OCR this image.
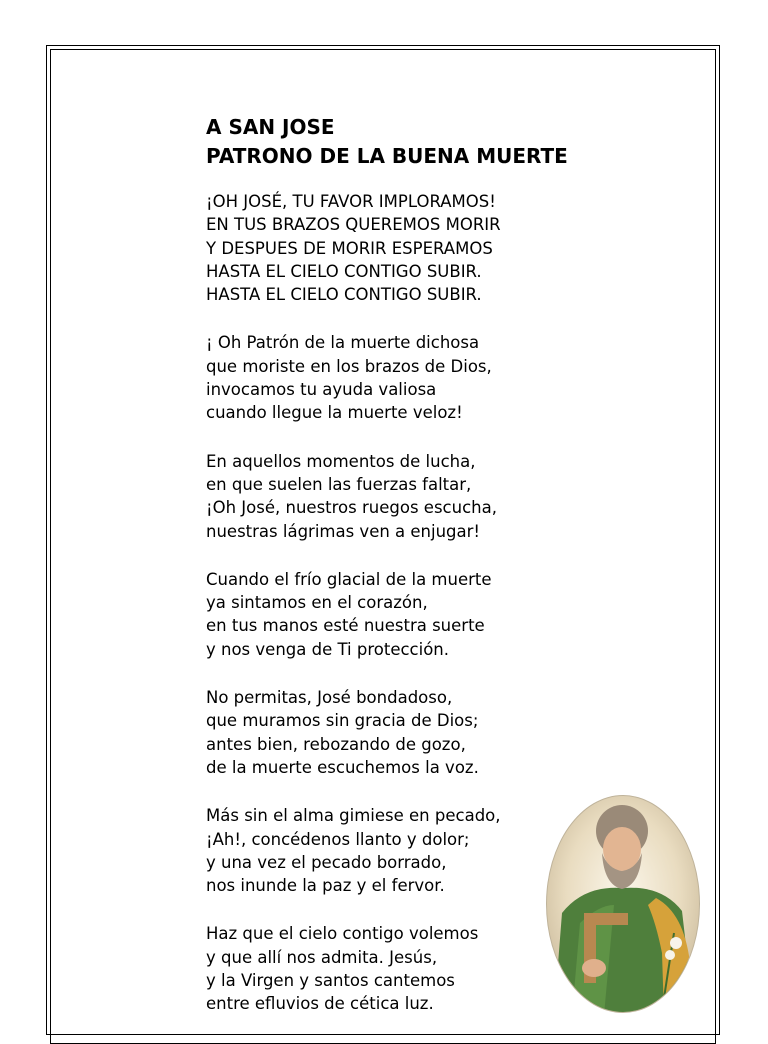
A SAN JOSE
PATRONO DE LA BUENA MUERTE

¡OH JOSÉ, TU FAVOR IMPLORAMOS!
EN TUS BRAZOS QUEREMOS MORIR
Y DESPUES DE MORIR ESPERAMOS
HASTA EL CIELO CONTIGO SUBIR.
HASTA EL CIELO CONTIGO SUBIR.

¡ Oh Patrón de la muerte dichosa
que moriste en los brazos de Dios,
invocamos tu ayuda valiosa
cuando llegue la muerte veloz!

En aquellos momentos de lucha,
en que suelen las fuerzas faltar,
¡Oh José, nuestros ruegos escucha,
nuestras lágrimas ven a enjugar!

Cuando el frío glacial de la muerte
ya sintamos en el corazón,
en tus manos esté nuestra suerte
y nos venga de Ti protección.

No permitas, José bondadoso,
que muramos sin gracia de Dios;
antes bien, rebozando de gozo,
de la muerte escuchemos la voz.

Más sin el alma gimiese en pecado,
¡Ah!, concédenos llanto y dolor;
y una vez el pecado borrado,
nos inunde la paz y el fervor.

Haz que el cielo contigo volemos
y que allí nos admita. Jesús,
y la Virgen y santos cantemos
entre efluvios de cética luz.
